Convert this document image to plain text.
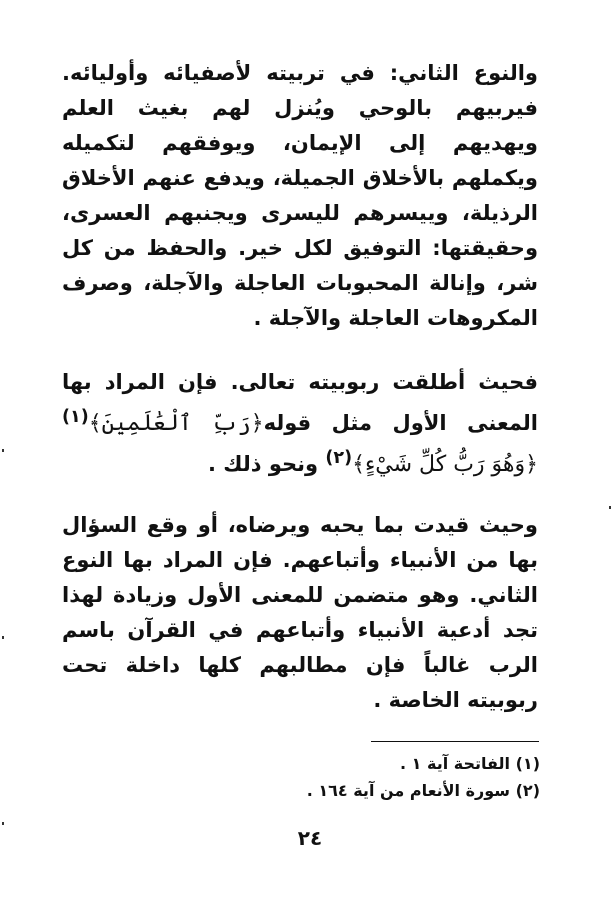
والنوع الثاني: في تربيته لأصفيائه وأوليائه. فيربيهم بالوحي ويُنزل لهم بغيث العلم ويهديهم إلى الإيمان، ويوفقهم لتكميله ويكملهم بالأخلاق الجميلة، ويدفع عنهم الأخلاق الرذيلة، وييسرهم لليسرى ويجنبهم العسرى، وحقيقتها: التوفيق لكل خير. والحفظ من كل شر، وإنالة المحبوبات العاجلة والآجلة، وصرف المكروهات العاجلة والآجلة .

فحيث أطلقت ربوبيته تعالى. فإن المراد بها المعنى الأول مثل قوله﴿رَبِّ ٱلْعَٰلَمِينَ﴾$^{(١)}$ ﴿وَهُوَ رَبُّ كُلِّ شَيْءٍ﴾$^{(٢)}$ ونحو ذلك .

وحيث قيدت بما يحبه ويرضاه، أو وقع السؤال بها من الأنبياء وأتباعهم. فإن المراد بها النوع الثاني. وهو متضمن للمعنى الأول وزيادة لهذا تجد أدعية الأنبياء وأتباعهم في القرآن باسم الرب غالباً فإن مطالبهم كلها داخلة تحت ربوبيته الخاصة .

(١) الفاتحة آية ١ .

(٢) سورة الأنعام من آية ١٦٤ .

٢٤
